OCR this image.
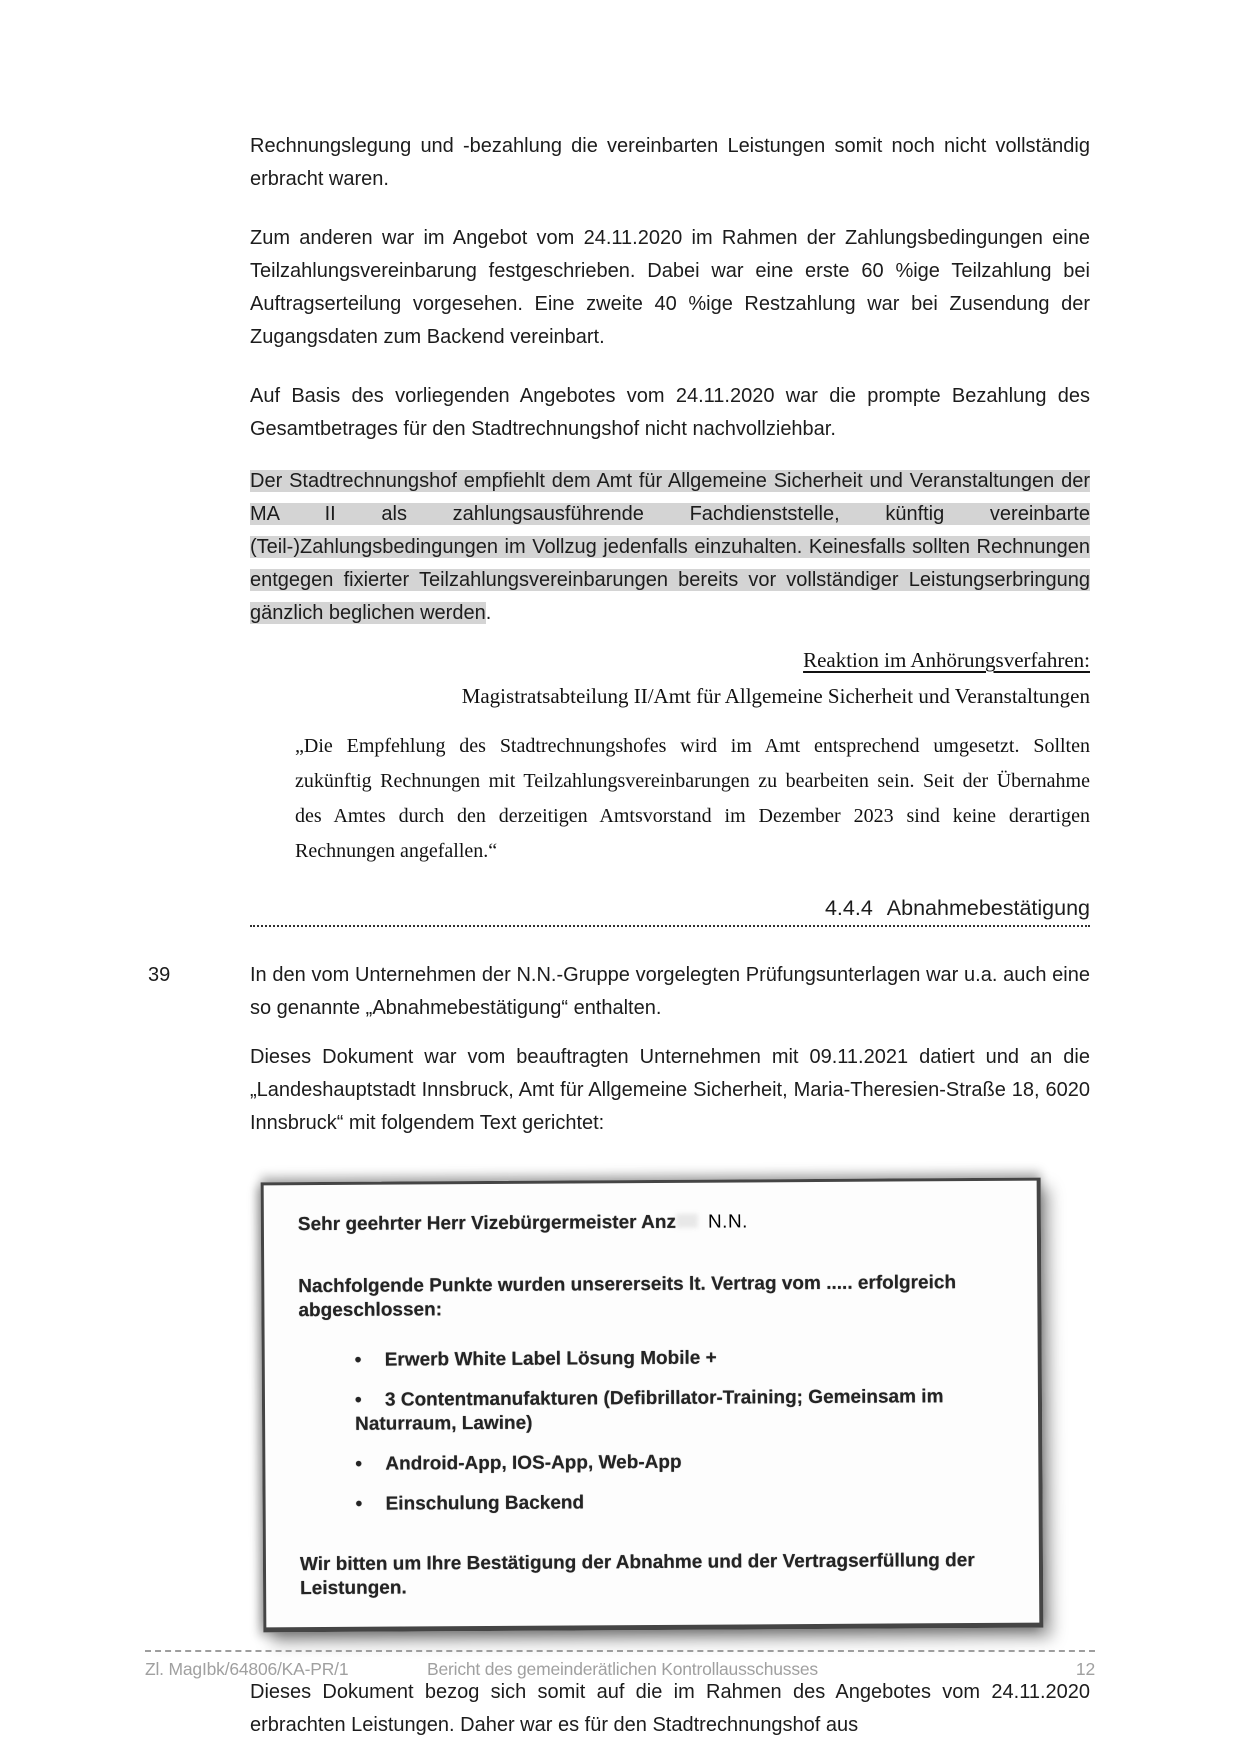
Rechnungslegung und -bezahlung die vereinbarten Leistungen somit noch nicht vollständig erbracht waren.

Zum anderen war im Angebot vom 24.11.2020 im Rahmen der Zahlungsbedingungen eine Teilzahlungsvereinbarung festgeschrieben. Dabei war eine erste 60 %ige Teilzahlung bei Auftragserteilung vorgesehen. Eine zweite 40 %ige Restzahlung war bei Zusendung der Zugangsdaten zum Backend vereinbart.

Auf Basis des vorliegenden Angebotes vom 24.11.2020 war die prompte Bezahlung des Gesamtbetrages für den Stadtrechnungshof nicht nachvollziehbar.

Der Stadtrechnungshof empfiehlt dem Amt für Allgemeine Sicherheit und Veranstaltungen der MA II als zahlungsausführende Fachdienststelle, künftig vereinbarte (Teil-)Zahlungsbedingungen im Vollzug jedenfalls einzuhalten. Keinesfalls sollten Rechnungen entgegen fixierter Teilzahlungsvereinbarungen bereits vor vollständiger Leistungserbringung gänzlich beglichen werden.

Reaktion im Anhörungsverfahren:

Magistratsabteilung II/Amt für Allgemeine Sicherheit und Veranstaltungen

„Die Empfehlung des Stadtrechnungshofes wird im Amt entsprechend umgesetzt. Sollten zukünftig Rechnungen mit Teilzahlungsvereinbarungen zu bearbeiten sein. Seit der Übernahme des Amtes durch den derzeitigen Amtsvorstand im Dezember 2023 sind keine derartigen Rechnungen angefallen.“

4.4.4 Abnahmebestätigung
39	In den vom Unternehmen der N.N.-Gruppe vorgelegten Prüfungsunterlagen war u.a. auch eine so genannte „Abnahmebestätigung“ enthalten.

Dieses Dokument war vom beauftragten Unternehmen mit 09.11.2021 datiert und an die „Landeshauptstadt Innsbruck, Amt für Allgemeine Sicherheit, Maria-Theresien-Straße 18, 6020 Innsbruck“ mit folgendem Text gerichtet:

Sehr geehrter Herr Vizebürgermeister Anz N.N.

Nachfolgende Punkte wurden unsererseits lt. Vertrag vom ..... erfolgreich abgeschlossen:

• Erwerb White Label Lösung Mobile +
• 3 Contentmanufakturen (Defibrillator-Training; Gemeinsam im Naturraum, Lawine)
• Android-App, IOS-App, Web-App
• Einschulung Backend

Wir bitten um Ihre Bestätigung der Abnahme und der Vertragserfüllung der Leistungen.

Dieses Dokument bezog sich somit auf die im Rahmen des Angebotes vom 24.11.2020 erbrachten Leistungen. Daher war es für den Stadtrechnungshof aus

Zl. MagIbk/64806/KA-PR/1	Bericht des gemeinderätlichen Kontrollausschusses	12
